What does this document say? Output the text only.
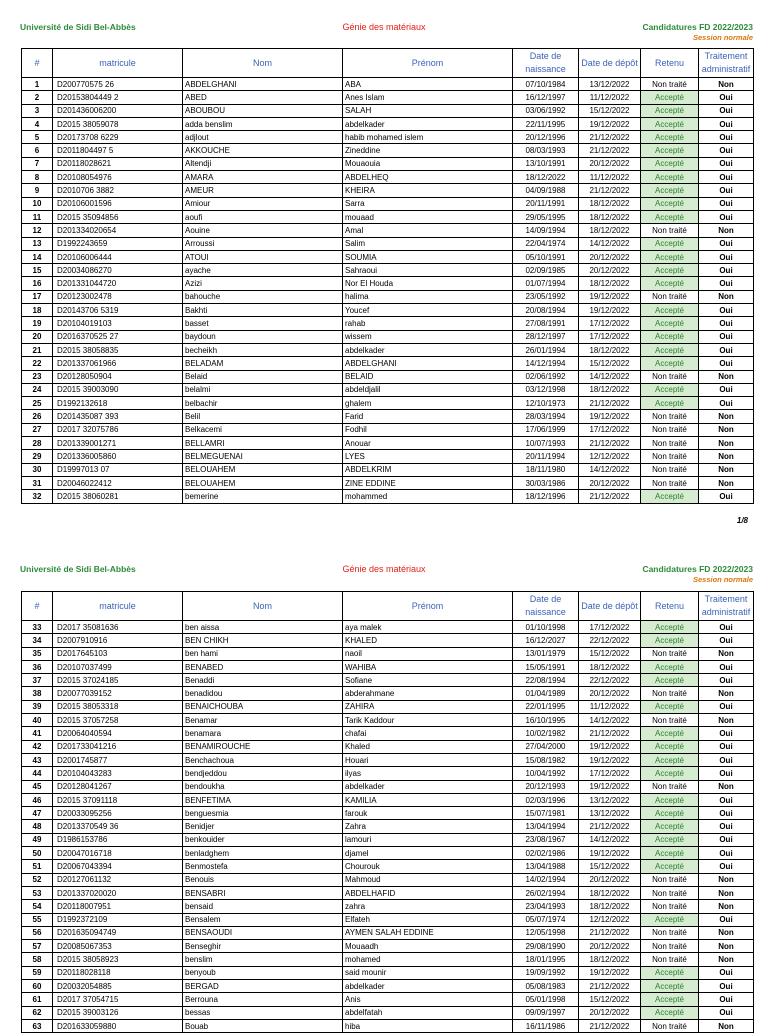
Université de Sidi Bel-Abbès	Génie des matériaux	Candidatures FD 2022/2023
Session normale
#	matricule	Nom	Prénom	Date de naissance	Date de dépôt	Retenu	Traitement administratif
1	D200770575 26	ABDELGHANI	ABA	07/10/1984	13/12/2022	Non traité	Non
2	D20153804449 2	ABED	Anes Islam	16/12/1997	11/12/2022	Accepté	Oui
3	D201436006200	ABOUBOU	SALAH	03/06/1992	15/12/2022	Accepté	Oui
4	D2015 38059078	adda benslim	abdelkader	22/11/1995	19/12/2022	Accepté	Oui
5	D20173708 6229	adjlout	habib mohamed islem	20/12/1996	21/12/2022	Accepté	Oui
6	D2011804497 5	AKKOUCHE	Zineddine	08/03/1993	21/12/2022	Accepté	Oui
7	D20118028621	Altendji	Mouaouia	13/10/1991	20/12/2022	Accepté	Oui
8	D20108054976	AMARA	ABDELHEQ	18/12/2022	11/12/2022	Accepté	Oui
9	D2010706 3882	AMEUR	KHEIRA	04/09/1988	21/12/2022	Accepté	Oui
10	D20106001596	Amiour	Sarra	20/11/1991	18/12/2022	Accepté	Oui
11	D2015 35094856	aoufi	mouaad	29/05/1995	18/12/2022	Accepté	Oui
12	D201334020654	Aouine	Amal	14/09/1994	18/12/2022	Non traité	Non
13	D1992243659	Arroussi	Salim	22/04/1974	14/12/2022	Accepté	Oui
14	D20106006444	ATOUI	SOUMIA	05/10/1991	20/12/2022	Accepté	Oui
15	D20034086270	ayache	Sahraoui	02/09/1985	20/12/2022	Accepté	Oui
16	D201331044720	Azizi	Nor El Houda	01/07/1994	18/12/2022	Accepté	Oui
17	D20123002478	bahouche	halima	23/05/1992	19/12/2022	Non traité	Non
18	D20143706 5319	Bakhti	Youcef	20/08/1994	19/12/2022	Accepté	Oui
19	D20104019103	basset	rahab	27/08/1991	17/12/2022	Accepté	Oui
20	D2016370525 27	baydoun	wissem	28/12/1997	17/12/2022	Accepté	Oui
21	D2015 38058835	becheikh	abdelkader	26/01/1994	18/12/2022	Accepté	Oui
22	D201337061966	BELADAM	ABDELGHANI	14/12/1994	15/12/2022	Accepté	Oui
23	D20128050904	Belaid	BELAID	02/06/1992	14/12/2022	Non traité	Non
24	D2015 39003090	belalmi	abdeldjalil	03/12/1998	18/12/2022	Accepté	Oui
25	D1992132618	belbachir	ghalem	12/10/1973	21/12/2022	Accepté	Oui
26	D201435087 393	Belil	Farid	28/03/1994	19/12/2022	Non traité	Non
27	D2017 32075786	Belkacemi	Fodhil	17/06/1999	17/12/2022	Non traité	Non
28	D201339001271	BELLAMRI	Anouar	10/07/1993	21/12/2022	Non traité	Non
29	D201336005860	BELMEGUENAI	LYES	20/11/1994	12/12/2022	Non traité	Non
30	D19997013 07	BELOUAHEM	ABDELKRIM	18/11/1980	14/12/2022	Non traité	Non
31	D20046022412	BELOUAHEM	ZINE EDDINE	30/03/1986	20/12/2022	Non traité	Non
32	D2015 38060281	bemerine	mohammed	18/12/1996	21/12/2022	Accepté	Oui
1/8
Université de Sidi Bel-Abbès	Génie des matériaux	Candidatures FD 2022/2023
Session normale
#	matricule	Nom	Prénom	Date de naissance	Date de dépôt	Retenu	Traitement administratif
33	D2017 35081636	ben aissa	aya malek	01/10/1998	17/12/2022	Accepté	Oui
34	D2007910916	BEN CHIKH	KHALED	16/12/2027	22/12/2022	Accepté	Oui
35	D2017645103	ben hami	naoil	13/01/1979	15/12/2022	Non traité	Non
36	D20107037499	BENABED	WAHIBA	15/05/1991	18/12/2022	Accepté	Oui
37	D2015 37024185	Benaddi	Sofiane	22/08/1994	22/12/2022	Accepté	Oui
38	D20077039152	benadidou	abderahmane	01/04/1989	20/12/2022	Non traité	Non
39	D2015 38053318	BENAICHOUBA	ZAHIRA	22/01/1995	11/12/2022	Accepté	Oui
40	D2015 37057258	Benamar	Tarik Kaddour	16/10/1995	14/12/2022	Non traité	Non
41	D20064040594	benamara	chafai	10/02/1982	21/12/2022	Accepté	Oui
42	D201733041216	BENAMIROUCHE	Khaled	27/04/2000	19/12/2022	Accepté	Oui
43	D2001745877	Benchachoua	Houari	15/08/1982	19/12/2022	Accepté	Oui
44	D20104043283	bendjeddou	ilyas	10/04/1992	17/12/2022	Accepté	Oui
45	D20128041267	bendoukha	abdelkader	20/12/1993	19/12/2022	Non traité	Non
46	D2015 37091118	BENFETIMA	KAMILIA	02/03/1996	13/12/2022	Accepté	Oui
47	D20033095256	benguesmia	farouk	15/07/1981	13/12/2022	Accepté	Oui
48	D2013370549 36	Benidjer	Zahra	13/04/1994	21/12/2022	Accepté	Oui
49	D1986153786	benkouider	lamouri	23/08/1967	14/12/2022	Accepté	Oui
50	D20047016718	benladghem	djamel	02/02/1986	19/12/2022	Accepté	Oui
51	D20067043394	Benmostefa	Chourouk	13/04/1988	15/12/2022	Accepté	Oui
52	D20127061132	Benouis	Mahmoud	14/02/1994	20/12/2022	Non traité	Non
53	D201337020020	BENSABRI	ABDELHAFID	26/02/1994	18/12/2022	Non traité	Non
54	D20118007951	bensaid	zahra	23/04/1993	18/12/2022	Non traité	Non
55	D1992372109	Bensalem	Elfateh	05/07/1974	12/12/2022	Accepté	Oui
56	D201635094749	BENSAOUDI	AYMEN SALAH EDDINE	12/05/1998	21/12/2022	Non traité	Non
57	D20085067353	Benseghir	Mouaadh	29/08/1990	20/12/2022	Non traité	Non
58	D2015 38058923	benslim	mohamed	18/01/1995	18/12/2022	Non traité	Non
59	D20118028118	benyoub	said mounir	19/09/1992	19/12/2022	Accepté	Oui
60	D20032054885	BERGAD	abdelkader	05/08/1983	21/12/2022	Accepté	Oui
61	D2017 37054715	Berrouna	Anis	05/01/1998	15/12/2022	Accepté	Oui
62	D2015 39003126	bessas	abdelfatah	09/09/1997	20/12/2022	Accepté	Oui
63	D201633059880	Bouab	hiba	16/11/1986	21/12/2022	Non traité	Non
